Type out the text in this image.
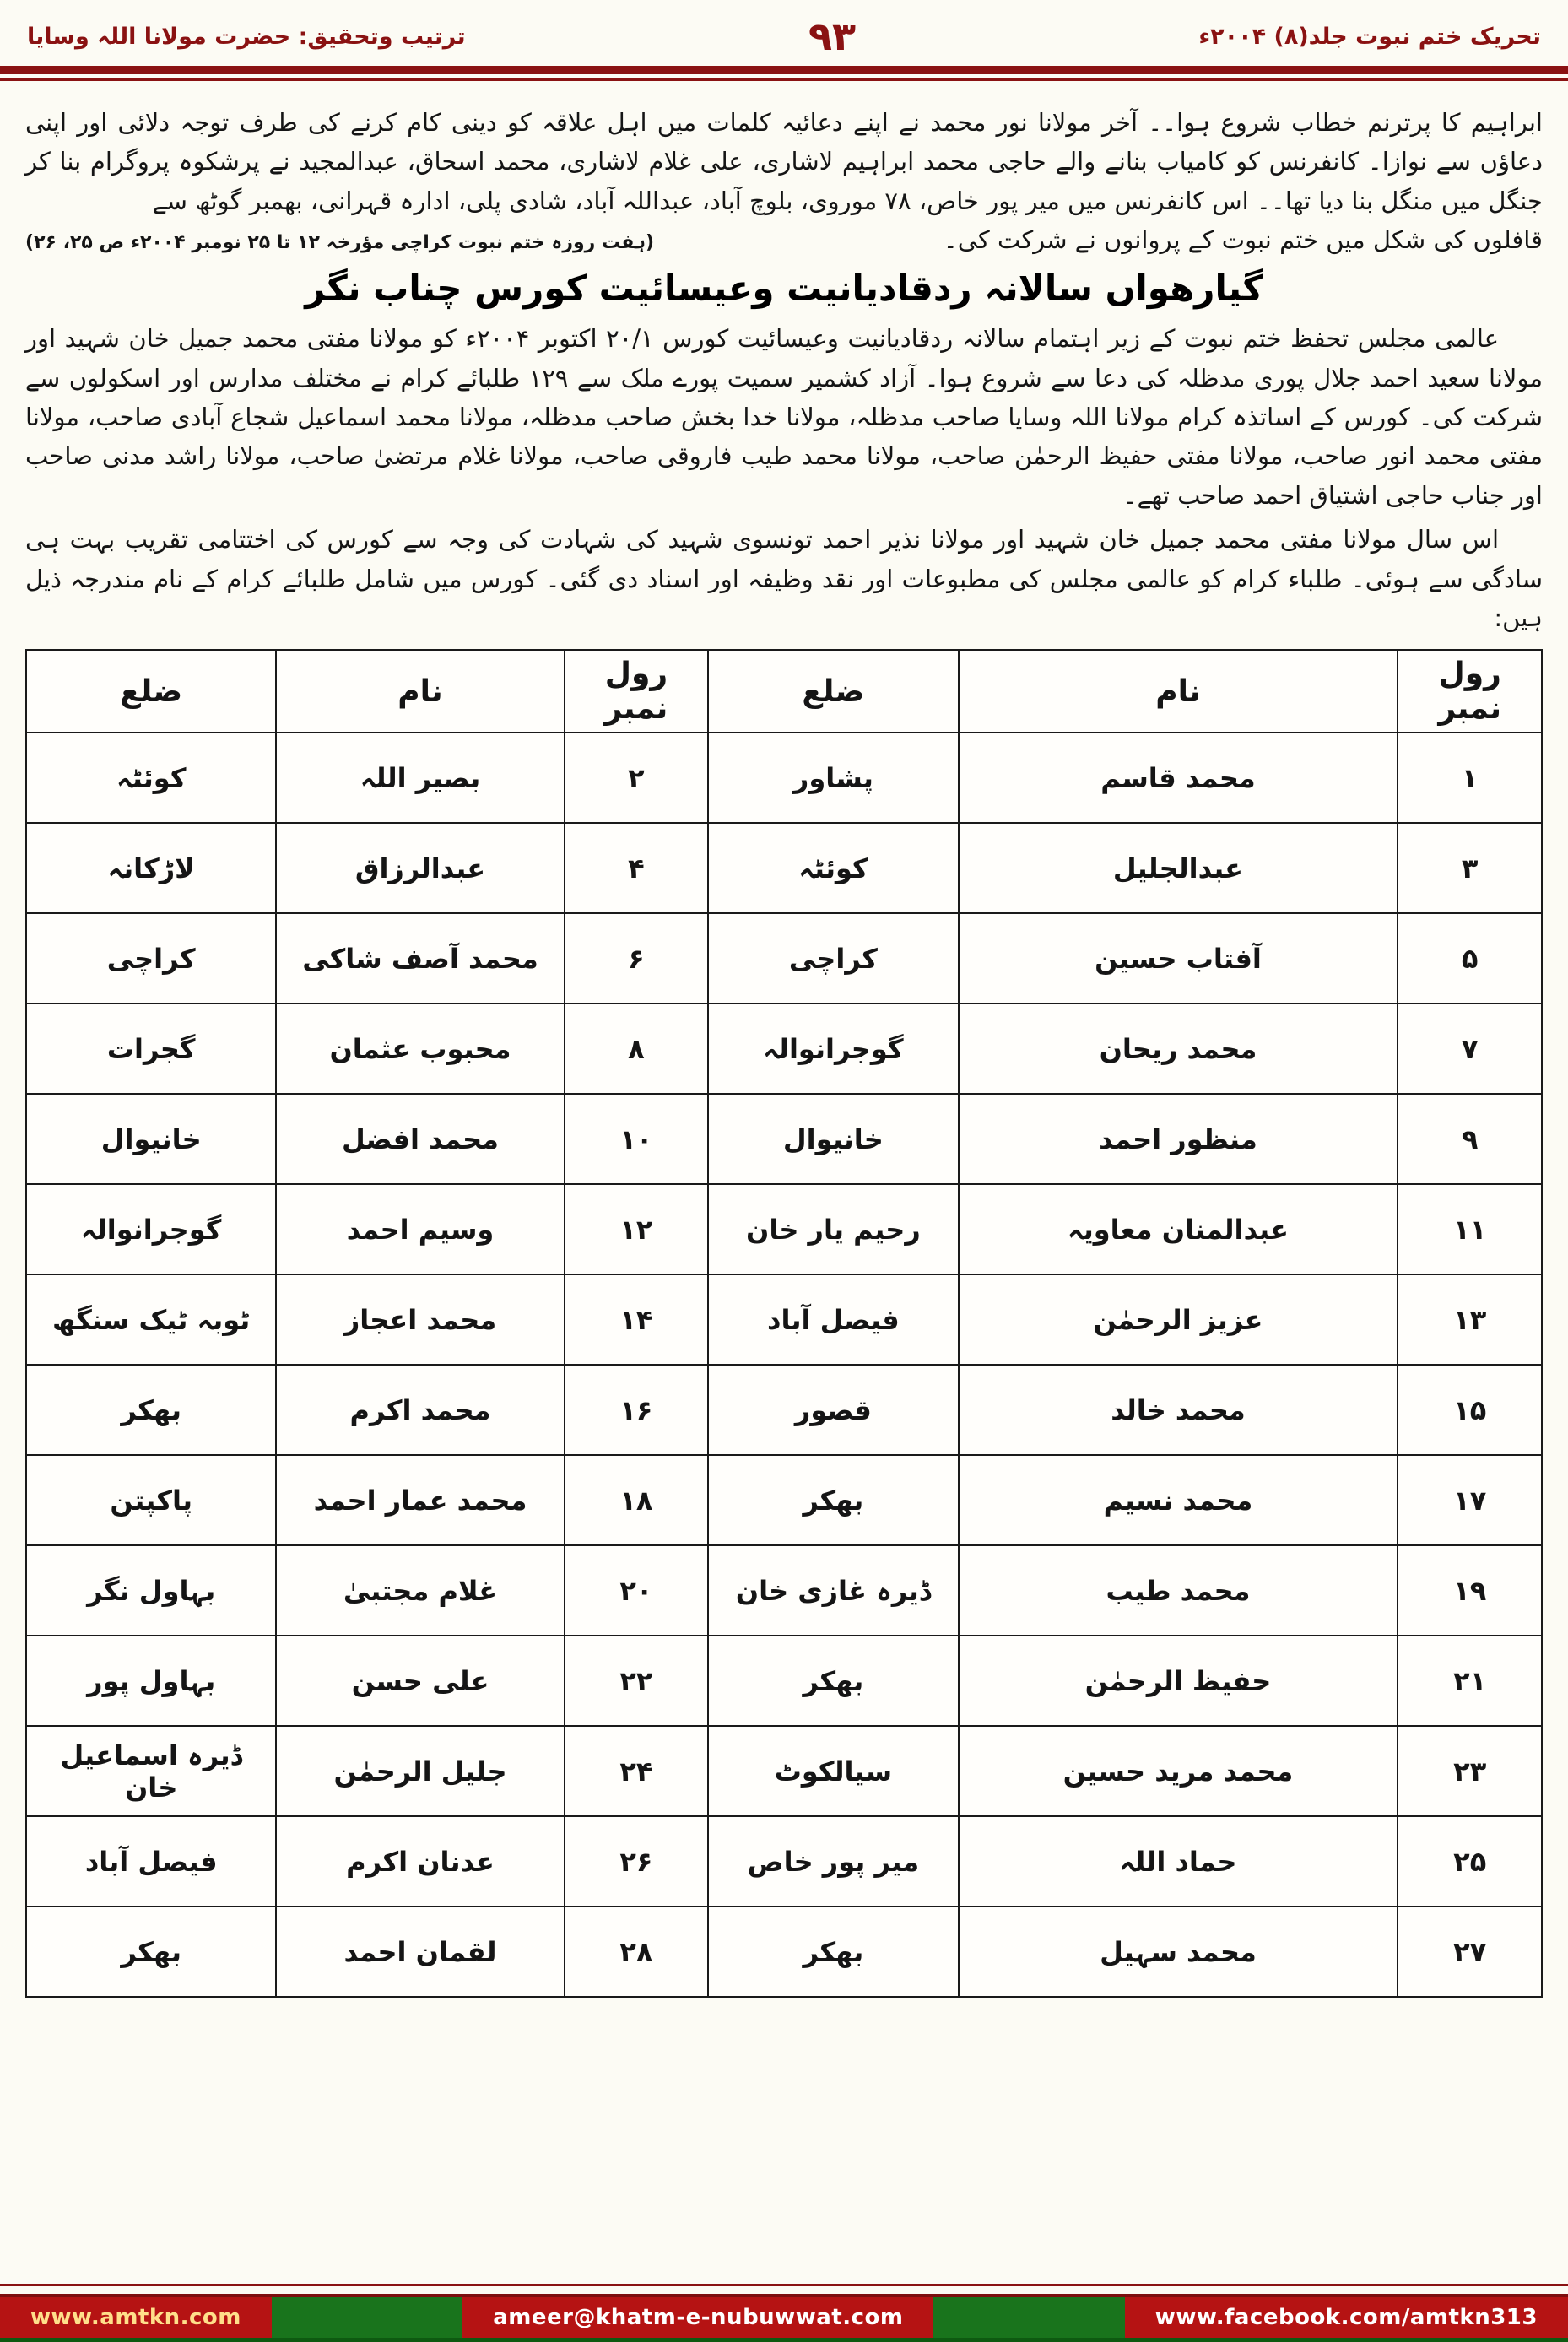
تحریک ختم نبوت جلد(۸) ۲۰۰۴ء
۹۳
ترتیب وتحقیق: حضرت مولانا اللہ وسایا

ابراہیم کا پرترنم خطاب شروع ہوا۔۔ آخر مولانا نور محمد نے اپنے دعائیہ کلمات میں اہل علاقہ کو دینی کام کرنے کی طرف توجہ دلائی اور اپنی دعاؤں سے نوازا۔ کانفرنس کو کامیاب بنانے والے حاجی محمد ابراہیم لاشاری، علی غلام لاشاری، محمد اسحاق، عبدالمجید نے پرشکوہ پروگرام بنا کر جنگل میں منگل بنا دیا تھا۔۔ اس کانفرنس میں میر پور خاص، ۷۸ موروی، بلوچ آباد، عبداللہ آباد، شادی پلی، ادارہ قہرانی، بھمبر گوٹھ سے

قافلوں کی شکل میں ختم نبوت کے پروانوں نے شرکت کی۔
(ہفت روزہ ختم نبوت کراچی مؤرخہ ۱۲ تا ۲۵ نومبر ۲۰۰۴ء ص ۲۵، ۲۶)
گیارھواں سالانہ ردقادیانیت وعیسائیت کورس چناب نگر

عالمی مجلس تحفظ ختم نبوت کے زیر اہتمام سالانہ ردقادیانیت وعیسائیت کورس ۲۰/۱ اکتوبر ۲۰۰۴ء کو مولانا مفتی محمد جمیل خان شہید اور مولانا سعید احمد جلال پوری مدظلہ کی دعا سے شروع ہوا۔ آزاد کشمیر سمیت پورے ملک سے ۱۲۹ طلبائے کرام نے مختلف مدارس اور اسکولوں سے شرکت کی۔ کورس کے اساتذہ کرام مولانا اللہ وسایا صاحب مدظلہ، مولانا خدا بخش صاحب مدظلہ، مولانا محمد اسماعیل شجاع آبادی صاحب، مولانا مفتی محمد انور صاحب، مولانا مفتی حفیظ الرحمٰن صاحب، مولانا محمد طیب فاروقی صاحب، مولانا غلام مرتضیٰ صاحب، مولانا راشد مدنی صاحب اور جناب حاجی اشتیاق احمد صاحب تھے۔

اس سال مولانا مفتی محمد جمیل خان شہید اور مولانا نذیر احمد تونسوی شہید کی شہادت کی وجہ سے کورس کی اختتامی تقریب بہت ہی سادگی سے ہوئی۔ طلباء کرام کو عالمی مجلس کی مطبوعات اور نقد وظیفہ اور اسناد دی گئی۔ کورس میں شامل طلبائے کرام کے نام مندرجہ ذیل ہیں:

رول نمبر	نام	ضلع	رول نمبر	نام	ضلع
۱	محمد قاسم	پشاور	۲	بصیر اللہ	کوئٹہ
۳	عبدالجلیل	کوئٹہ	۴	عبدالرزاق	لاڑکانہ
۵	آفتاب حسین	کراچی	۶	محمد آصف شاکی	کراچی
۷	محمد ریحان	گوجرانوالہ	۸	محبوب عثمان	گجرات
۹	منظور احمد	خانیوال	۱۰	محمد افضل	خانیوال
۱۱	عبدالمنان معاویہ	رحیم یار خان	۱۲	وسیم احمد	گوجرانوالہ
۱۳	عزیز الرحمٰن	فیصل آباد	۱۴	محمد اعجاز	ٹوبہ ٹیک سنگھ
۱۵	محمد خالد	قصور	۱۶	محمد اکرم	بھکر
۱۷	محمد نسیم	بھکر	۱۸	محمد عمار احمد	پاکپتن
۱۹	محمد طیب	ڈیرہ غازی خان	۲۰	غلام مجتبیٰ	بہاول نگر
۲۱	حفیظ الرحمٰن	بھکر	۲۲	علی حسن	بہاول پور
۲۳	محمد مرید حسین	سیالکوٹ	۲۴	جلیل الرحمٰن	ڈیرہ اسماعیل خان
۲۵	حماد اللہ	میر پور خاص	۲۶	عدنان اکرم	فیصل آباد
۲۷	محمد سہیل	بھکر	۲۸	لقمان احمد	بھکر
www.amtkn.com	ameer@khatm-e-nubuwwat.com	www.facebook.com/amtkn313
